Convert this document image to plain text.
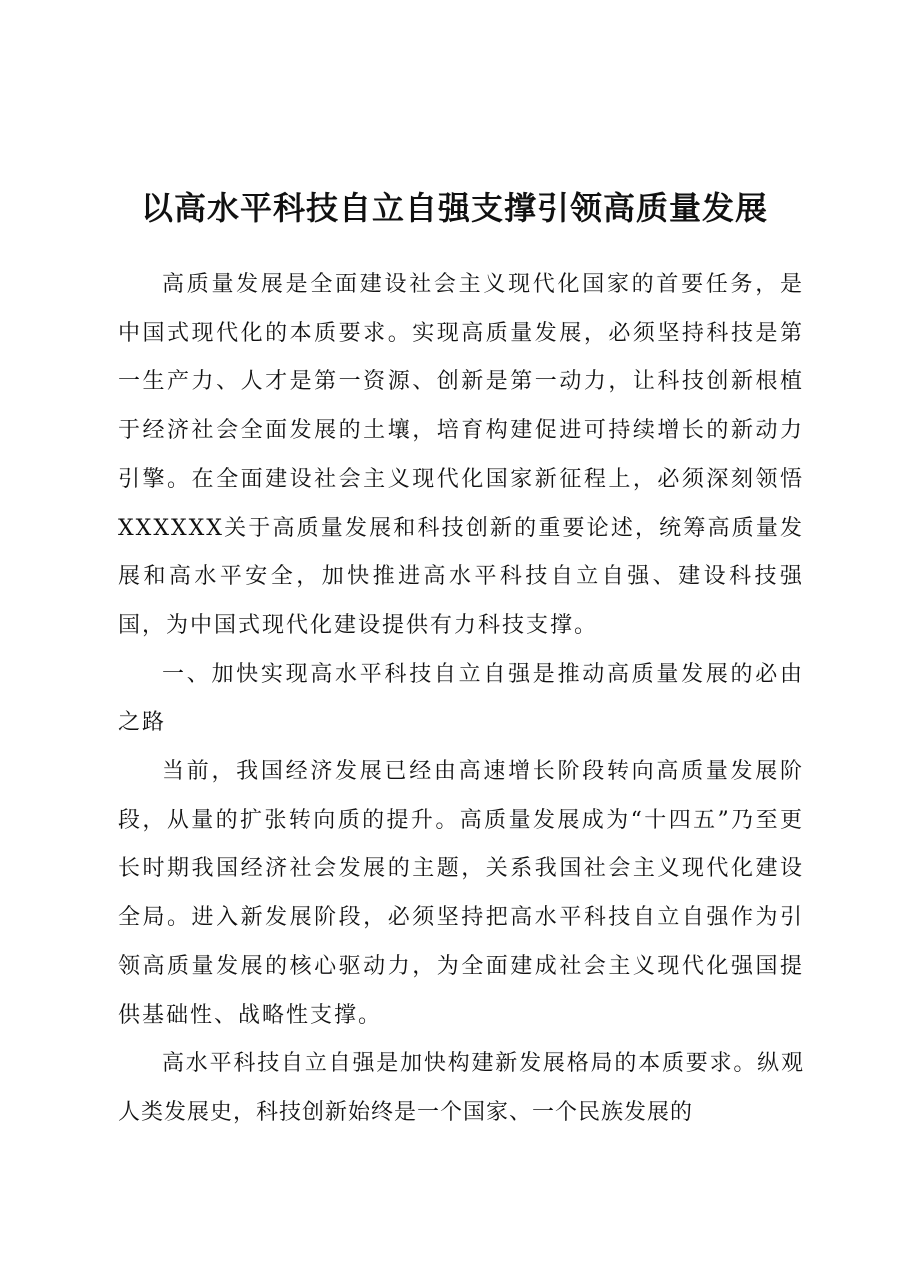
以高水平科技自立自强支撑引领高质量发展

高质量发展是全面建设社会主义现代化国家的首要任务，是中国式现代化的本质要求。实现高质量发展，必须坚持科技是第一生产力、人才是第一资源、创新是第一动力，让科技创新根植于经济社会全面发展的土壤，培育构建促进可持续增长的新动力引擎。在全面建设社会主义现代化国家新征程上，必须深刻领悟XXXXXX关于高质量发展和科技创新的重要论述，统筹高质量发展和高水平安全，加快推进高水平科技自立自强、建设科技强国，为中国式现代化建设提供有力科技支撑。

一、加快实现高水平科技自立自强是推动高质量发展的必由之路

当前，我国经济发展已经由高速增长阶段转向高质量发展阶段，从量的扩张转向质的提升。高质量发展成为“十四五”乃至更长时期我国经济社会发展的主题，关系我国社会主义现代化建设全局。进入新发展阶段，必须坚持把高水平科技自立自强作为引领高质量发展的核心驱动力，为全面建成社会主义现代化强国提供基础性、战略性支撑。

高水平科技自立自强是加快构建新发展格局的本质要求。纵观人类发展史，科技创新始终是一个国家、一个民族发展的
